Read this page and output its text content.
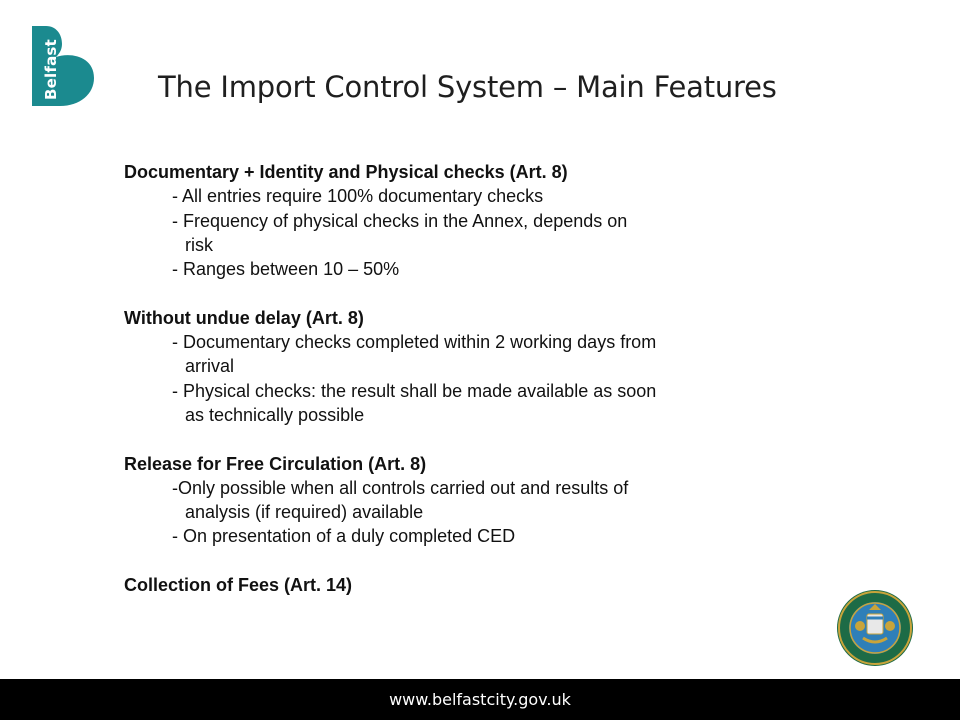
Belfast	The Import Control System – Main Features
Documentary + Identity and Physical checks (Art. 8)
- All entries require 100% documentary checks
- Frequency of physical checks in the Annex, depends on
risk
- Ranges between 10 – 50%
Without undue delay (Art. 8)
- Documentary checks completed within 2 working days from
arrival
- Physical checks: the result shall be made available as soon
as technically possible
Release for Free Circulation (Art. 8)
-Only possible when all controls carried out and results of
analysis (if required) available
- On presentation of a duly completed CED
Collection of Fees (Art. 14)
www.belfastcity.gov.uk
